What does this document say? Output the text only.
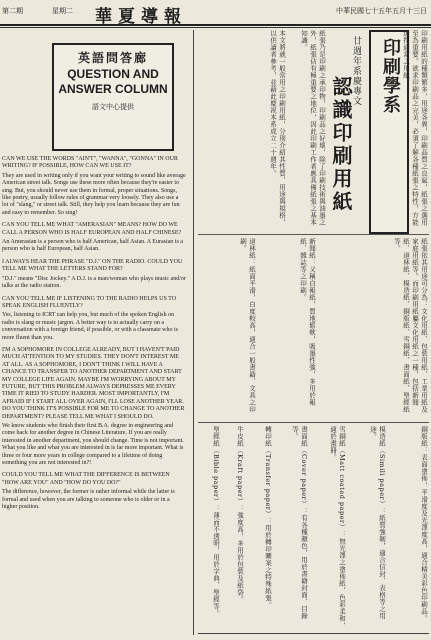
第二期	星期二 華夏導報	中華民國七十五年五月十三日
英語問答廊
QUESTION AND
ANSWER COLUMN
語文中心提供

CAN WE USE THE WORDS "AIN'T", "WANNA", "GONNA" IN OUR WRITING? IF POSSIBLE, HOW CAN WE USE IT?

They are used in writing only if you want your writing to sound like average American street talk. Songs use these more often because they're easier to sing. But, you should never use them in formal, proper situations. Songs, like poetry, usually follow rules of grammar very loosely. They also use a lot of "slang," or street talk. Still, they help you learn because they are fun and easy to remember. So sing!

CAN YOU TELL ME WHAT "AMERASIAN" MEANS? HOW DO WE CALL A PERSON WHO IS HALF EUROPEAN AND HALF CHINESE?

An Amerasian is a person who is half American, half Asian. A Eurasian is a person who is half European, half Asian.

I ALWAYS HEAR THE PHRASE "D.J." ON THE RADIO. COULD YOU TELL ME WHAT THE LETTERS STAND FOR?

"D.J." means "Disc Jockey." A D.J. is a man/woman who plays music and/or talks at the radio station.

CAN YOU TELL ME IF LISTENING TO THE RADIO HELPS US TO SPEAK ENGLISH FLUENTLY?

Yes, listening to ICRT can help you, but much of the spoken English on radio is slang or music jargon. A better way is to actually carry on a conversation with a foreign friend, if possible, or with a classmate who is more fluent than you.

I'M A SOPHOMORE IN COLLEGE ALREADY, BUT I HAVEN'T PAID MUCH ATTENTION TO MY STUDIES. THEY DON'T INTEREST ME AT ALL. AS A SOPHOMORE, I DON'T THINK I WILL HAVE A CHANCE TO TRANSFER TO ANOTHER DEPARTMENT AND START MY COLLEGE LIFE AGAIN. MAYBE I'M WORRYING ABOUT MY FUTURE, BUT THIS PROBLEM ALWAYS DEPRESSES ME EVERY TIME IT RIED TO STUDY HARDER. MOST IMPORTANTLY, I'M AFRAID IF I START ALL OVER AGAIN, I'LL LOSE ANOTHER YEAR. DO YOU THINK IT'S POSSIBLE FOR ME TO CHANGE TO ANOTHER DEPARTMENT? PLEASE TELL ME WHAT I SHOULD DO.

We know students who finish their first B.A. degree in engineering and come back for another degree in Chinese Literature. If you are really interested in another department, you should change. Time is not important. What you like and what you are interested in is far more important. What is three or four more years in college compared to a lifetime of doing something you are not interested in?!

COULD YOU TELL ME WHAT THE DIFFERENCE IS BETWEEN "HOW ARE YOU" AND "HOW DO YOU DO?"

The difference, however, the former is rather informal while the latter is formal and used when you are talking to someone who is older or in a higher position.

印刷學系
廿週年系慶專文
認識印刷用紙	印刷用紙的種類繁多，用途各異，印刷品質之良窳，紙張之選用至為重要。欲求印刷品之完美，必須了解各種紙張之特性，方能選擇適當之用紙。
紙張乃是印刷之承印物，印刷品之好壞，除了印刷技術與油墨之外，紙張佔有極重要之地位，因此印刷工作者應具備紙張之基本知識。
本文將就一般常用之印刷用紙，分別介紹其性質、用途與規格，以供讀者參考，並藉此慶祝本系成立二十週年。
紙張依其用途可分為：文化用紙、包裝用紙、工業用紙及家庭用紙等。而印刷用紙屬文化用紙之一種，包括新聞紙、道林紙、模造紙、銅版紙、雪銅紙、書面紙、聖經紙等。
新聞紙：又稱白報紙，質地鬆軟，吸墨性強，多用於報紙、雜誌等之印刷。
道林紙：紙面平滑，白度較高，適合一般書籍、文具之印刷。
銅版紙：表面塗佈，平滑度及光澤度高，適合精美彩色印刷品。
模造紙（Simili paper）：紙質強韌，適合信封、表格等之用途。
雪銅紙（Matt coated paper）：無光澤之塗佈紙，色彩柔和，適於畫冊。
書面紙（Cover paper）：有各種顏色，用於書籍封面、目錄等。
轉印紙（Transfer paper）：用於轉印圖案之特殊紙張。
牛皮紙（Kraft paper）：強度高，多用於包裝及紙袋。
聖經紙（Bible paper）：薄而不透明，用於字典、聖經等。
